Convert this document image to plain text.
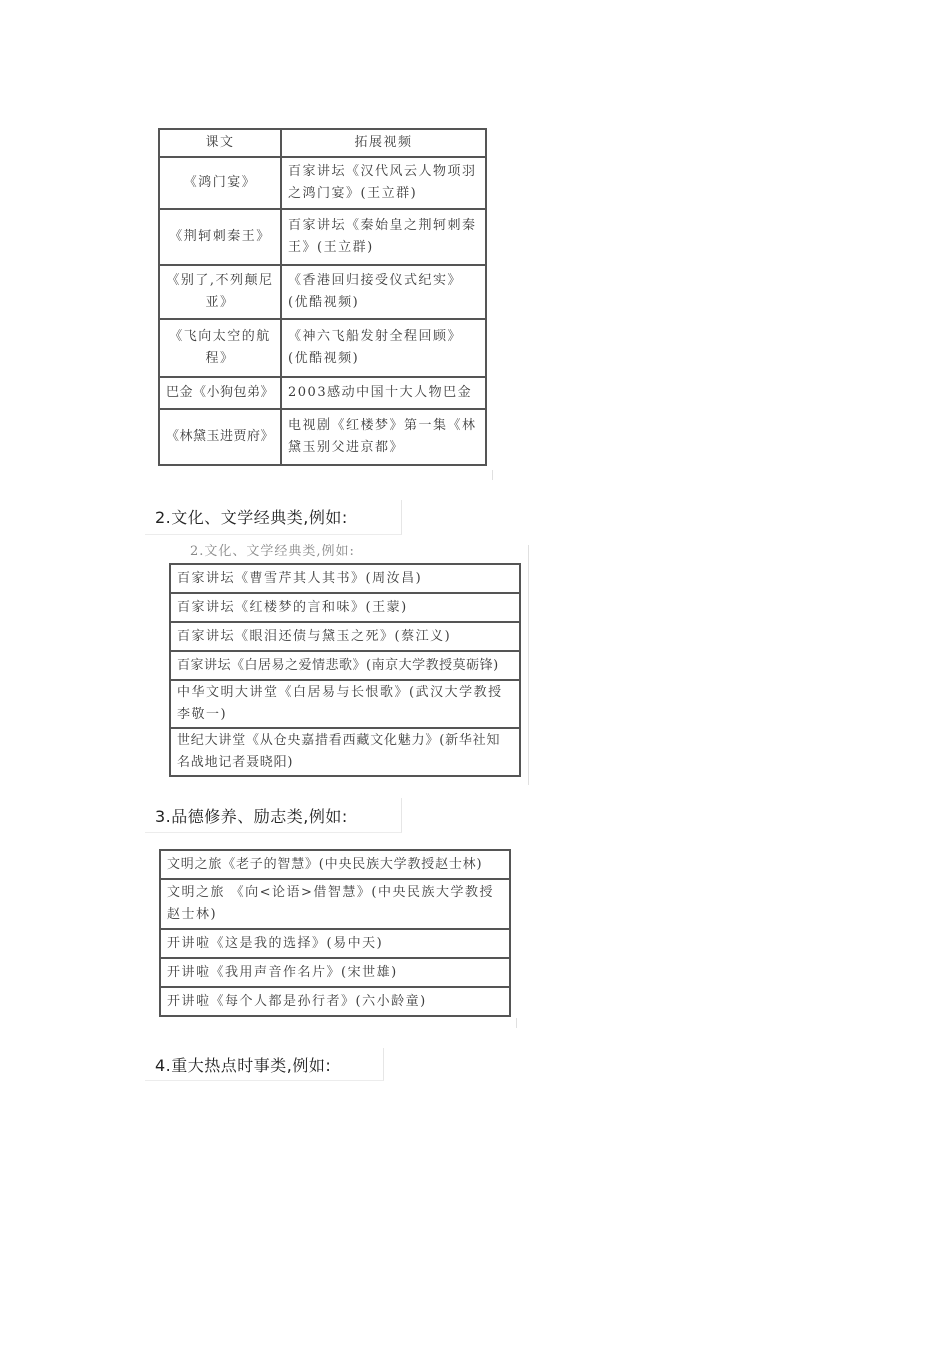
课文	拓展视频
《鸿门宴》	百家讲坛《汉代风云人物项羽之鸿门宴》(王立群)
《荆轲刺秦王》	百家讲坛《秦始皇之荆轲刺秦王》(王立群)
《别了,不列颠尼亚》	《香港回归接受仪式纪实》(优酷视频)
《飞向太空的航程》	《神六飞船发射全程回顾》(优酷视频)
巴金《小狗包弟》	2003感动中国十大人物巴金
《林黛玉进贾府》	电视剧《红楼梦》第一集《林黛玉别父进京都》
2.文化、文学经典类,例如:
2.文化、文学经典类,例如:
百家讲坛《曹雪芹其人其书》(周汝昌)
百家讲坛《红楼梦的言和味》(王蒙)
百家讲坛《眼泪还债与黛玉之死》(蔡江义)
百家讲坛《白居易之爱情悲歌》(南京大学教授莫砺锋)
中华文明大讲堂《白居易与长恨歌》(武汉大学教授李敬一)
世纪大讲堂《从仓央嘉措看西藏文化魅力》(新华社知名战地记者聂晓阳)
3.品德修养、励志类,例如:
文明之旅《老子的智慧》(中央民族大学教授赵士林)
文明之旅 《向<论语>借智慧》(中央民族大学教授赵士林)
开讲啦《这是我的选择》(易中天)
开讲啦《我用声音作名片》(宋世雄)
开讲啦《每个人都是孙行者》(六小龄童)
4.重大热点时事类,例如:
